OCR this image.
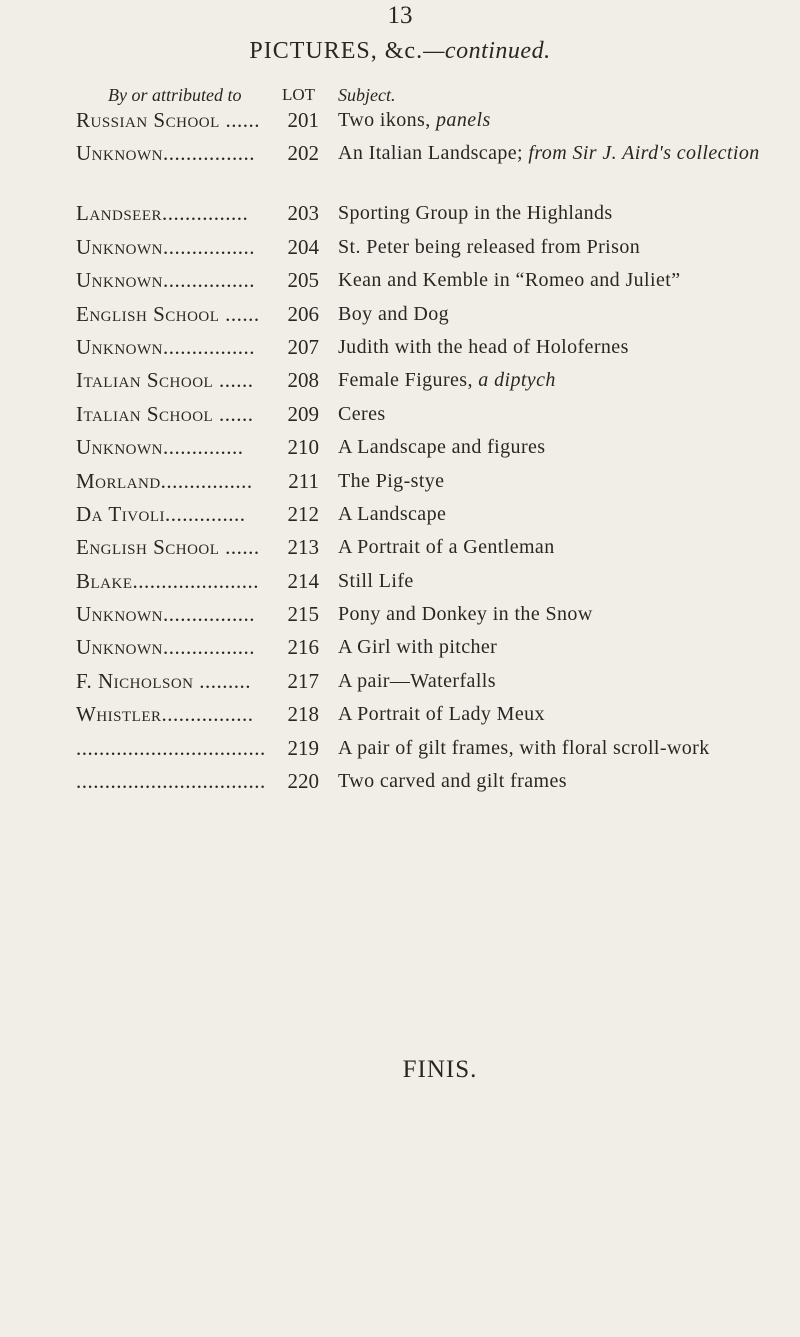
13
PICTURES, &c.—continued.
By or attributed to LOT Subject.
Russian School ......	201 Two ikons, panels
Unknown................	202 An Italian Landscape; from Sir J. Aird's collection
Landseer...............	203 Sporting Group in the Highlands
Unknown................	204 St. Peter being released from Prison
Unknown................	205 Kean and Kemble in “Romeo and Juliet”
English School ......	206 Boy and Dog
Unknown................	207 Judith with the head of Holofernes
Italian School ......	208 Female Figures, a diptych
Italian School ......	209 Ceres
Unknown..............	210 A Landscape and figures
Morland................	211 The Pig-stye
Da Tivoli..............	212 A Landscape
English School ......	213 A Portrait of a Gentleman
Blake......................	214 Still Life
Unknown................	215 Pony and Donkey in the Snow
Unknown................	216 A Girl with pitcher
F. Nicholson .........	217 A pair—Waterfalls
Whistler................	218 A Portrait of Lady Meux
.................................	219 A pair of gilt frames, with floral scroll-work
.................................	220 Two carved and gilt frames
FINIS.
